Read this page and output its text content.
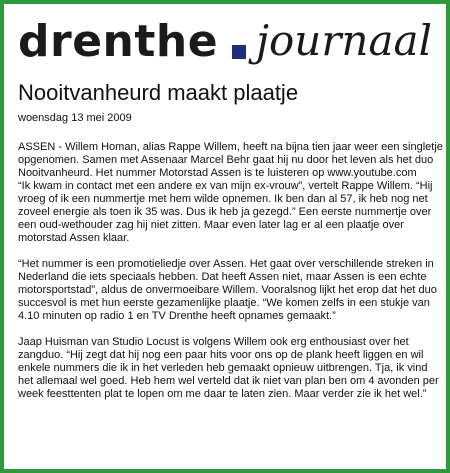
drenthe journaal
Nooitvanheurd maakt plaatje
woensdag 13 mei 2009

ASSEN - Willem Homan, alias Rappe Willem, heeft na bijna tien jaar weer een singletje opgenomen. Samen met Assenaar Marcel Behr gaat hij nu door het leven als het duo Nooitvanheurd. Het nummer Motorstad Assen is te luisteren op www.youtube.com
“Ik kwam in contact met een andere ex van mijn ex-vrouw”, vertelt Rappe Willem. “Hij vroeg of ik een nummertje met hem wilde opnemen. Ik ben dan al 57, ik heb nog net zoveel energie als toen ik 35 was. Dus ik heb ja gezegd.” Een eerste nummertje over een oud-wethouder zag hij niet zitten. Maar even later lag er al een plaatje over motorstad Assen klaar.

“Het nummer is een promotieliedje over Assen. Het gaat over verschillende streken in Nederland die iets speciaals hebben. Dat heeft Assen niet, maar Assen is een echte motorsportstad”, aldus de onvermoeibare Willem. Vooralsnog lijkt het erop dat het duo succesvol is met hun eerste gezamenlijke plaatje. “We komen zelfs in een stukje van 4.10 minuten op radio 1 en TV Drenthe heeft opnames gemaakt.”

Jaap Huisman van Studio Locust is volgens Willem ook erg enthousiast over het zangduo. “Hij zegt dat hij nog een paar hits voor ons op de plank heeft liggen en wil enkele nummers die ik in het verleden heb gemaakt opnieuw uitbrengen. Tja, ik vind het allemaal wel goed. Heb hem wel verteld dat ik niet van plan ben om 4 avonden per week feesttenten plat te lopen om me daar te laten zien. Maar verder zie ik het wel.”
